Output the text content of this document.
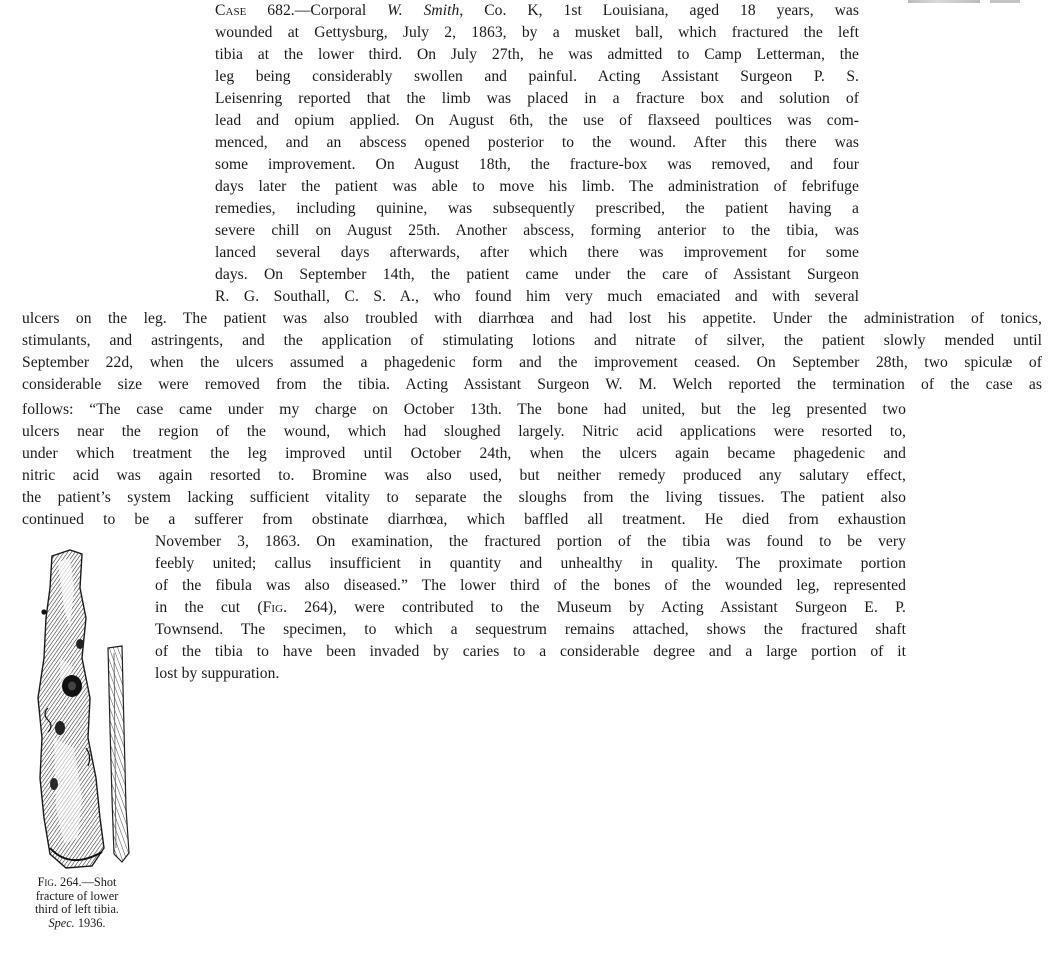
Case 682.—Corporal W. Smith, Co. K, 1st Louisiana, aged 18 years, was
wounded at Gettysburg, July 2, 1863, by a musket ball, which fractured the left
tibia at the lower third. On July 27th, he was admitted to Camp Letterman, the
leg being considerably swollen and painful. Acting Assistant Surgeon P. S.
Leisenring reported that the limb was placed in a fracture box and solution of
lead and opium applied. On August 6th, the use of flaxseed poultices was com-
menced, and an abscess opened posterior to the wound. After this there was
some improvement. On August 18th, the fracture-box was removed, and four
days later the patient was able to move his limb. The administration of febrifuge
remedies, including quinine, was subsequently prescribed, the patient having a
severe chill on August 25th. Another abscess, forming anterior to the tibia, was
lanced several days afterwards, after which there was improvement for some
days. On September 14th, the patient came under the care of Assistant Surgeon
R. G. Southall, C. S. A., who found him very much emaciated and with several
ulcers on the leg. The patient was also troubled with diarrhœa and had lost his appetite. Under the administration of tonics,
stimulants, and astringents, and the application of stimulating lotions and nitrate of silver, the patient slowly mended until
September 22d, when the ulcers assumed a phagedenic form and the improvement ceased. On September 28th, two spiculæ of
considerable size were removed from the tibia. Acting Assistant Surgeon W. M. Welch reported the termination of the case as
follows: “The case came under my charge on October 13th. The bone had united, but the leg presented two
ulcers near the region of the wound, which had sloughed largely. Nitric acid applications were resorted to,
under which treatment the leg improved until October 24th, when the ulcers again became phagedenic and
nitric acid was again resorted to. Bromine was also used, but neither remedy produced any salutary effect,
the patient’s system lacking sufficient vitality to separate the sloughs from the living tissues. The patient also
continued to be a sufferer from obstinate diarrhœa, which baffled all treatment. He died from exhaustion
November 3, 1863. On examination, the fractured portion of the tibia was found to be very
feebly united; callus insufficient in quantity and unhealthy in quality. The proximate portion
of the fibula was also diseased.” The lower third of the bones of the wounded leg, represented
in the cut (Fig. 264), were contributed to the Museum by Acting Assistant Surgeon E. P.
Townsend. The specimen, to which a sequestrum remains attached, shows the fractured shaft
of the tibia to have been invaded by caries to a considerable degree and a large portion of it
lost by suppuration.
Fig. 264.—Shot
fracture of lower
third of left tibia.
Spec. 1936.
